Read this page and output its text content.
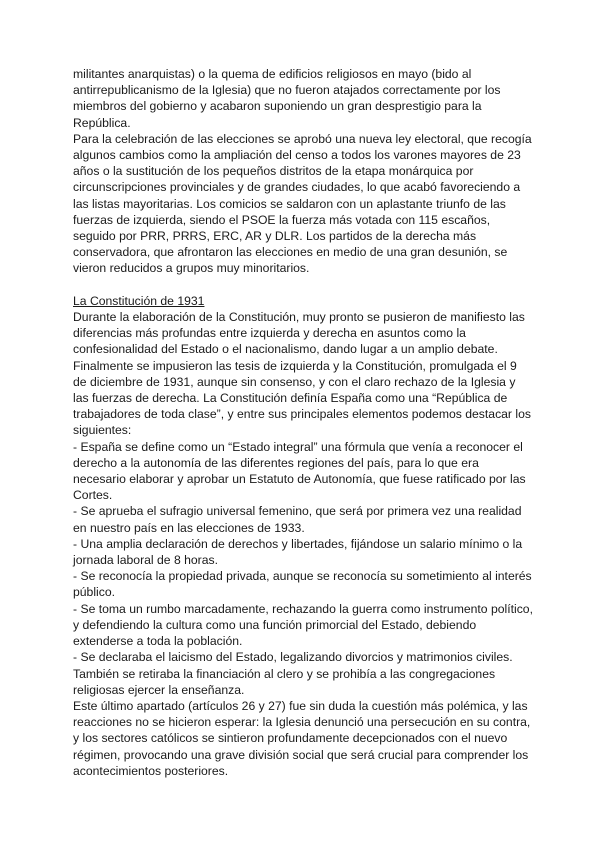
militantes anarquistas) o la quema de edificios religiosos en mayo (bido al antirrepublicanismo de la Iglesia) que no fueron atajados correctamente por los miembros del gobierno y acabaron suponiendo un gran desprestigio para la República.

Para la celebración de las elecciones se aprobó una nueva ley electoral, que recogía algunos cambios como la ampliación del censo a todos los varones mayores de 23 años o la sustitución de los pequeños distritos de la etapa monárquica por circunscripciones provinciales y de grandes ciudades, lo que acabó favoreciendo a las listas mayoritarias. Los comicios se saldaron con un aplastante triunfo de las fuerzas de izquierda, siendo el PSOE la fuerza más votada con 115 escaños, seguido por PRR, PRRS, ERC, AR y DLR. Los partidos de la derecha más conservadora, que afrontaron las elecciones en medio de una gran desunión, se vieron reducidos a grupos muy minoritarios.

La Constitución de 1931

Durante la elaboración de la Constitución, muy pronto se pusieron de manifiesto las diferencias más profundas entre izquierda y derecha en asuntos como la confesionalidad del Estado o el nacionalismo, dando lugar a un amplio debate. Finalmente se impusieron las tesis de izquierda y la Constitución, promulgada el 9 de diciembre de 1931, aunque sin consenso, y con el claro rechazo de la Iglesia y las fuerzas de derecha. La Constitución definía España como una “República de trabajadores de toda clase”, y entre sus principales elementos podemos destacar los siguientes:

- España se define como un “Estado integral” una fórmula que venía a reconocer el derecho a la autonomía de las diferentes regiones del país, para lo que era necesario elaborar y aprobar un Estatuto de Autonomía, que fuese ratificado por las Cortes.

- Se aprueba el sufragio universal femenino, que será por primera vez una realidad en nuestro país en las elecciones de 1933.

- Una amplia declaración de derechos y libertades, fijándose un salario mínimo o la jornada laboral de 8 horas.

- Se reconocía la propiedad privada, aunque se reconocía su sometimiento al interés público.

- Se toma un rumbo marcadamente, rechazando la guerra como instrumento político, y defendiendo la cultura como una función primorcial del Estado, debiendo extenderse a toda la población.

- Se declaraba el laicismo del Estado, legalizando divorcios y matrimonios civiles. También se retiraba la financiación al clero y se prohibía a las congregaciones religiosas ejercer la enseñanza.

Este último apartado (artículos 26 y 27) fue sin duda la cuestión más polémica, y las reacciones no se hicieron esperar: la Iglesia denunció una persecución en su contra, y los sectores católicos se sintieron profundamente decepcionados con el nuevo régimen, provocando una grave división social que será crucial para comprender los acontecimientos posteriores.
